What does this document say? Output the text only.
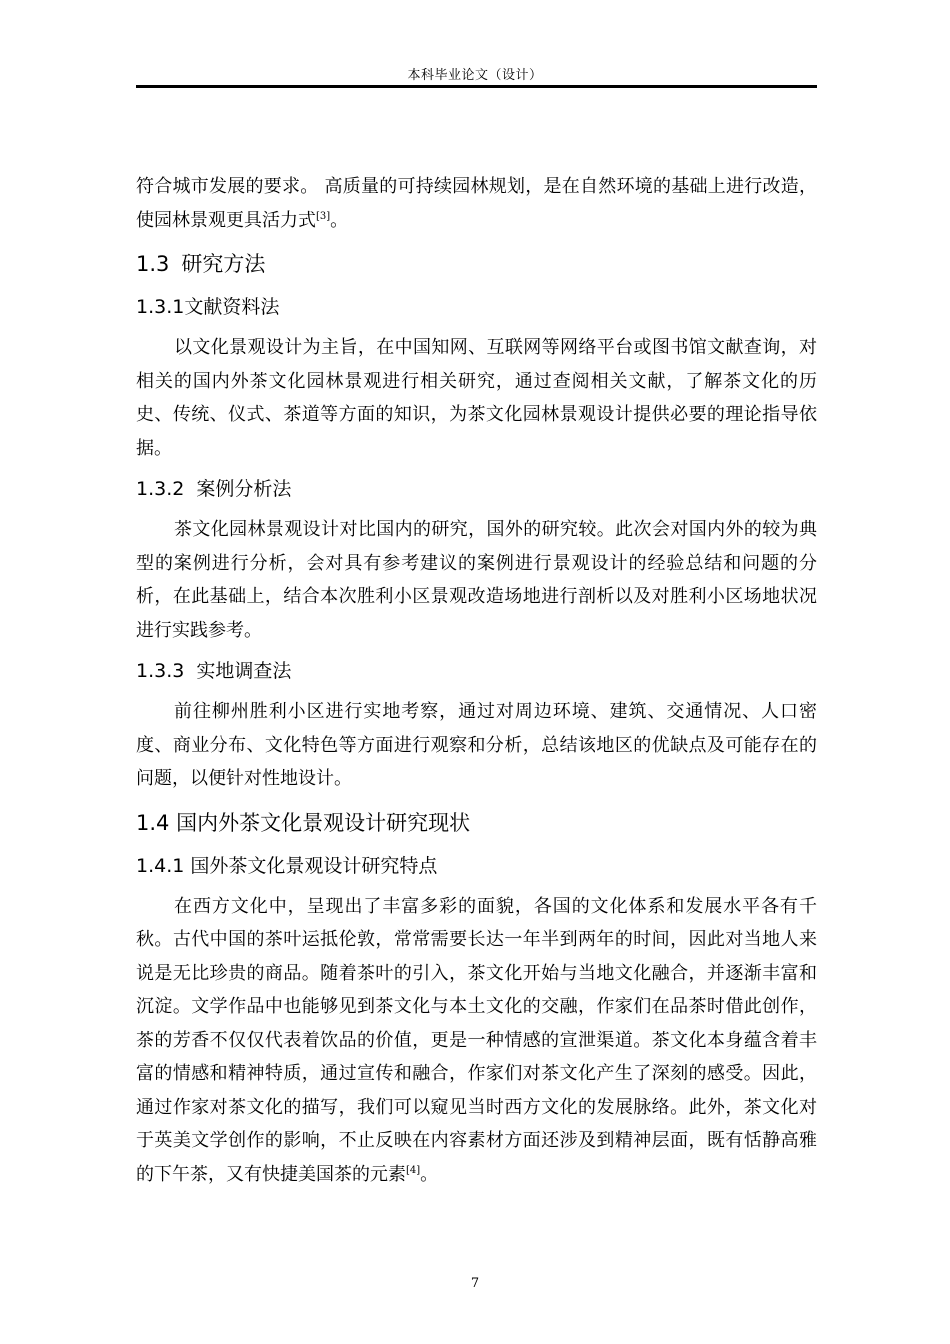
本科毕业论文（设计）

符合城市发展的要求。 高质量的可持续园林规划，是在自然环境的基础上进行改造，使园林景观更具活力式[3]。

1.3 研究方法
1.3.1文献资料法

以文化景观设计为主旨，在中国知网、互联网等网络平台或图书馆文献查询，对相关的国内外茶文化园林景观进行相关研究，通过查阅相关文献，了解茶文化的历史、传统、仪式、茶道等方面的知识，为茶文化园林景观设计提供必要的理论指导依据。

1.3.2 案例分析法

茶文化园林景观设计对比国内的研究，国外的研究较。此次会对国内外的较为典型的案例进行分析，会对具有参考建议的案例进行景观设计的经验总结和问题的分析，在此基础上，结合本次胜利小区景观改造场地进行剖析以及对胜利小区场地状况进行实践参考。

1.3.3 实地调查法

前往柳州胜利小区进行实地考察，通过对周边环境、建筑、交通情况、人口密度、商业分布、文化特色等方面进行观察和分析，总结该地区的优缺点及可能存在的问题，以便针对性地设计。

1.4 国内外茶文化景观设计研究现状
1.4.1 国外茶文化景观设计研究特点

在西方文化中，呈现出了丰富多彩的面貌，各国的文化体系和发展水平各有千秋。古代中国的茶叶运抵伦敦，常常需要长达一年半到两年的时间，因此对当地人来说是无比珍贵的商品。随着茶叶的引入，茶文化开始与当地文化融合，并逐渐丰富和沉淀。文学作品中也能够见到茶文化与本土文化的交融，作家们在品茶时借此创作，茶的芳香不仅仅代表着饮品的价值，更是一种情感的宣泄渠道。茶文化本身蕴含着丰富的情感和精神特质，通过宣传和融合，作家们对茶文化产生了深刻的感受。因此，通过作家对茶文化的描写，我们可以窥见当时西方文化的发展脉络。此外，茶文化对于英美文学创作的影响，不止反映在内容素材方面还涉及到精神层面，既有恬静高雅的下午茶，又有快捷美国茶的元素[4]。

7
